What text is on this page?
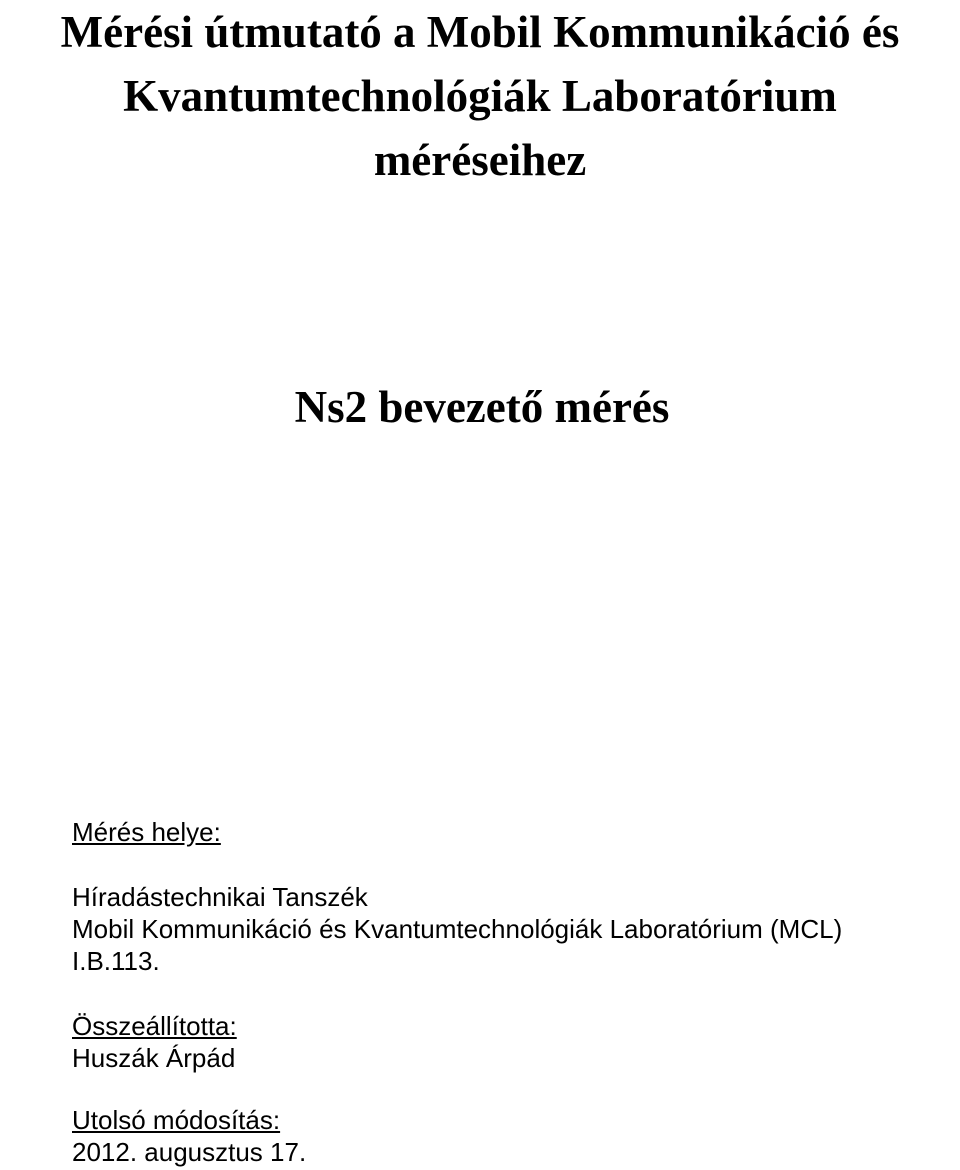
Mérési útmutató a Mobil Kommunikáció és
Kvantumtechnológiák Laboratórium
méréseihez
Ns2 bevezető mérés
Mérés helye:
Híradástechnikai Tanszék
Mobil Kommunikáció és Kvantumtechnológiák Laboratórium (MCL)
I.B.113.
Összeállította:
Huszák Árpád
Utolsó módosítás:
2012. augusztus 17.
